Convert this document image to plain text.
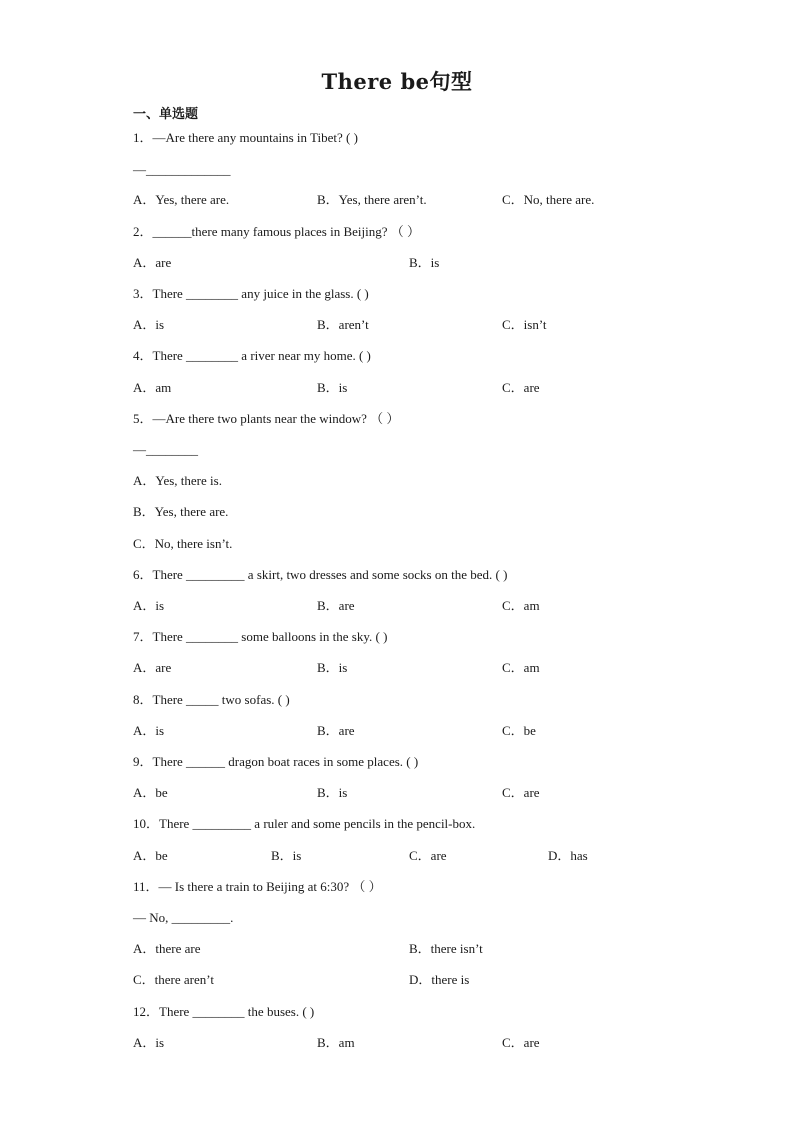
There be句型
一、单选题
1．—Are there any mountains in Tibet? ( )
—_____________
A．Yes, there are.	B．Yes, there aren’t.	C．No, there are.
2．______there many famous places in Beijing? （ ）
A．are	B．is
3．There ________ any juice in the glass. ( )
A．is	B．aren’t	C．isn’t
4．There ________ a river near my home. ( )
A．am	B．is	C．are
5．—Are there two plants near the window? （ ）
—________
A．Yes, there is.
B．Yes, there are.
C．No, there isn’t.
6．There _________ a skirt, two dresses and some socks on the bed. ( )
A．is	B．are	C．am
7．There ________ some balloons in the sky. ( )
A．are	B．is	C．am
8．There _____ two sofas. ( )
A．is	B．are	C．be
9．There ______ dragon boat races in some places. ( )
A．be	B．is	C．are
10．There _________ a ruler and some pencils in the pencil-box.
A．be	B．is	C．are	D．has
11．— Is there a train to Beijing at 6:30? （ ）
— No, _________.
A．there are	B．there isn’t
C．there aren’t	D．there is
12．There ________ the buses. ( )
A．is	B．am	C．are
